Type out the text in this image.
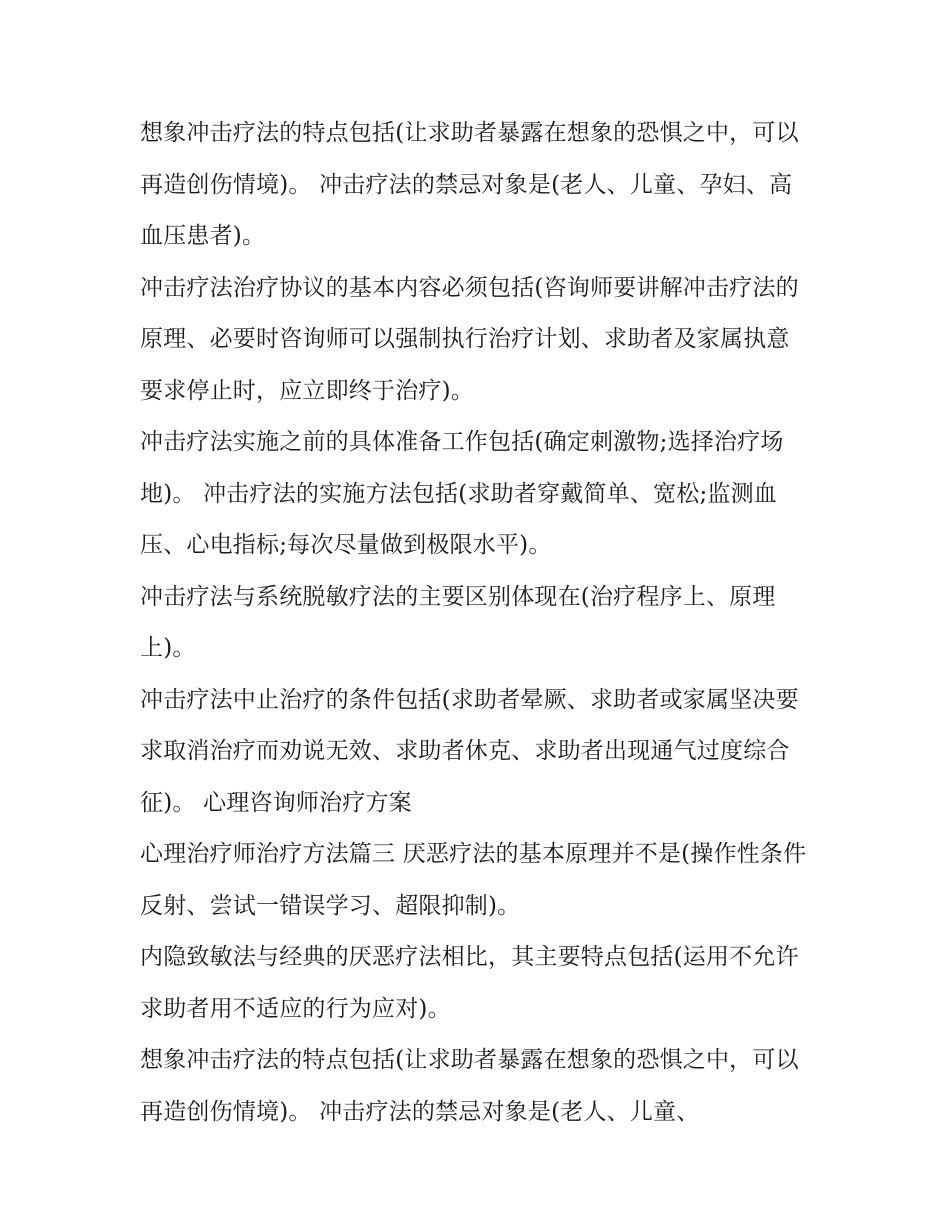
想象冲击疗法的特点包括(让求助者暴露在想象的恐惧之中，可以再造创伤情境)。 冲击疗法的禁忌对象是(老人、儿童、孕妇、高血压患者)。

冲击疗法治疗协议的基本内容必须包括(咨询师要讲解冲击疗法的原理、必要时咨询师可以强制执行治疗计划、求助者及家属执意要求停止时，应立即终于治疗)。

冲击疗法实施之前的具体准备工作包括(确定刺激物;选择治疗场地)。 冲击疗法的实施方法包括(求助者穿戴简单、宽松;监测血压、心电指标;每次尽量做到极限水平)。

冲击疗法与系统脱敏疗法的主要区别体现在(治疗程序上、原理上)。

冲击疗法中止治疗的条件包括(求助者晕厥、求助者或家属坚决要求取消治疗而劝说无效、求助者休克、求助者出现通气过度综合征)。 心理咨询师治疗方案

心理治疗师治疗方法篇三 厌恶疗法的基本原理并不是(操作性条件反射、尝试一错误学习、超限抑制)。

内隐致敏法与经典的厌恶疗法相比，其主要特点包括(运用不允许求助者用不适应的行为应对)。

想象冲击疗法的特点包括(让求助者暴露在想象的恐惧之中，可以再造创伤情境)。 冲击疗法的禁忌对象是(老人、儿童、
